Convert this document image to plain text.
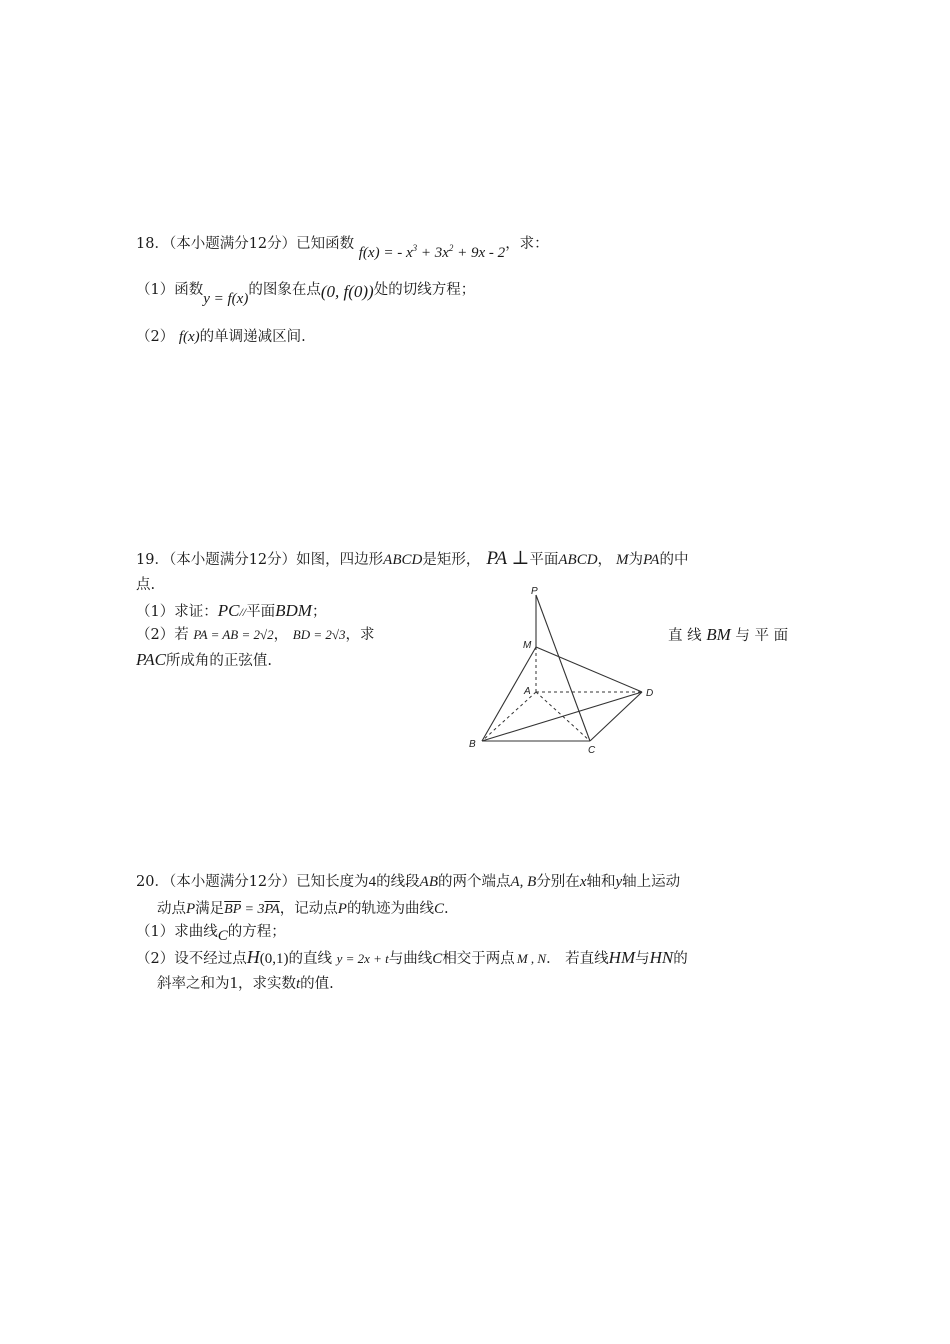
18．（本小题满分12分）已知函数 f(x) = - $x^3 + 3x^2 + 9x - 2$，求：
（1）函数y = f(x)的图象在点(0, f(0))处的切线方程；
（2） f(x)的单调递减区间.
19．（本小题满分12分）如图，四边形ABCD是矩形， PA ⊥平面ABCD， M为PA的中
点.
（1）求证：PC//平面BDM；
（2）若 PA = AB = 2√2， BD = 2√3，求	直 线 BM 与 平 面
PAC所成角的正弦值.
P
M
A	D
B
C
20．（本小题满分12分）已知长度为4的线段AB的两个端点A, B分别在x轴和y轴上运动
动点P满足$\overline{BP} = 3\overline{PA}$，记动点P的轨迹为曲线C.
（1）求曲线C的方程；
（2）设不经过点H(0,1)的直线 y = 2x + t与曲线C相交于两点 M , N． 若直线HM与HN的
斜率之和为1，求实数t的值.
